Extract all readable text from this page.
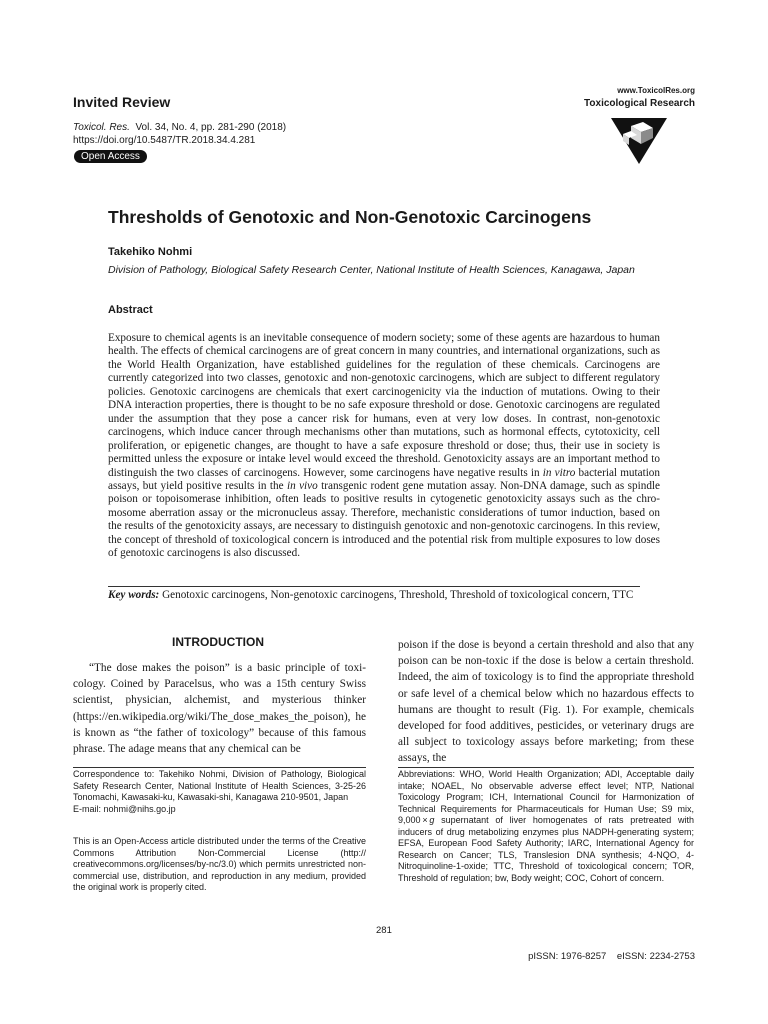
Invited Review
Toxicol. Res. Vol. 34, No. 4, pp. 281-290 (2018)
https://doi.org/10.5487/TR.2018.34.4.281
Open Access
www.ToxicolRes.org
Toxicological Research
Thresholds of Genotoxic and Non-Genotoxic Carcinogens
Takehiko Nohmi
Division of Pathology, Biological Safety Research Center, National Institute of Health Sciences, Kanagawa, Japan
Abstract
Exposure to chemical agents is an inevitable consequence of modern society; some of these agents are hazardous to human health. The effects of chemical carcinogens are of great concern in many countries, and international organizations, such as the World Health Organization, have established guidelines for the regulation of these chemicals. Carcinogens are currently categorized into two classes, genotoxic and non-genotoxic carcinogens, which are subject to different regulatory policies. Genotoxic carcinogens are chemicals that exert carcinogenicity via the induction of mutations. Owing to their DNA interaction properties, there is thought to be no safe exposure threshold or dose. Genotoxic carcinogens are regulated under the assumption that they pose a cancer risk for humans, even at very low doses. In contrast, non-genotoxic carcinogens, which induce cancer through mechanisms other than mutations, such as hormonal effects, cytotoxicity, cell proliferation, or epigenetic changes, are thought to have a safe exposure threshold or dose; thus, their use in society is permitted unless the exposure or intake level would exceed the threshold. Genotoxicity assays are an important method to distinguish the two classes of carcinogens. However, some carcinogens have negative results in in vitro bacterial mutation assays, but yield positive results in the in vivo transgenic rodent gene mutation assay. Non-DNA damage, such as spindle poison or topoisomerase inhibition, often leads to positive results in cytogenetic genotoxicity assays such as the chromosome aberration assay or the micronucleus assay. Therefore, mechanistic considerations of tumor induction, based on the results of the genotoxicity assays, are necessary to distinguish genotoxic and non-genotoxic carcinogens. In this review, the concept of threshold of toxicological concern is introduced and the potential risk from multiple exposures to low doses of genotoxic carcinogens is also discussed.
Key words: Genotoxic carcinogens, Non-genotoxic carcinogens, Threshold, Threshold of toxicological concern, TTC
INTRODUCTION
“The dose makes the poison” is a basic principle of toxicology. Coined by Paracelsus, who was a 15th century Swiss scientist, physician, alchemist, and mysterious thinker (https://en.wikipedia.org/wiki/The_dose_makes_the_poison), he is known as “the father of toxicology” because of this famous phrase. The adage means that any chemical can be
poison if the dose is beyond a certain threshold and also that any poison can be non-toxic if the dose is below a certain threshold. Indeed, the aim of toxicology is to find the appropriate threshold or safe level of a chemical below which no hazardous effects to humans are thought to result (Fig. 1). For example, chemicals developed for food additives, pesticides, or veterinary drugs are all subject to toxicology assays before marketing; from these assays, the
Correspondence to: Takehiko Nohmi, Division of Pathology, Biological Safety Research Center, National Institute of Health Sciences, 3-25-26 Tonomachi, Kawasaki-ku, Kawasaki-shi, Kanagawa 210-9501, Japan
E-mail: nohmi@nihs.go.jp
This is an Open-Access article distributed under the terms of the Creative Commons Attribution Non-Commercial License (http:// creativecommons.org/licenses/by-nc/3.0) which permits unrestricted non-commercial use, distribution, and reproduction in any medium, provided the original work is properly cited.
Abbreviations: WHO, World Health Organization; ADI, Acceptable daily intake; NOAEL, No observable adverse effect level; NTP, National Toxicology Program; ICH, International Council for Harmonization of Technical Requirements for Pharmaceuticals for Human Use; S9 mix, 9,000 × g supernatant of liver homogenates of rats pretreated with inducers of drug metabolizing enzymes plus NADPH-generating system; EFSA, European Food Safety Authority; IARC, International Agency for Research on Cancer; TLS, Translesion DNA synthesis; 4-NQO, 4-Nitroquinoline-1-oxide; TTC, Threshold of toxicological concern; TOR, Threshold of regulation; bw, Body weight; COC, Cohort of concern.
281
pISSN: 1976-8257    eISSN: 2234-2753
